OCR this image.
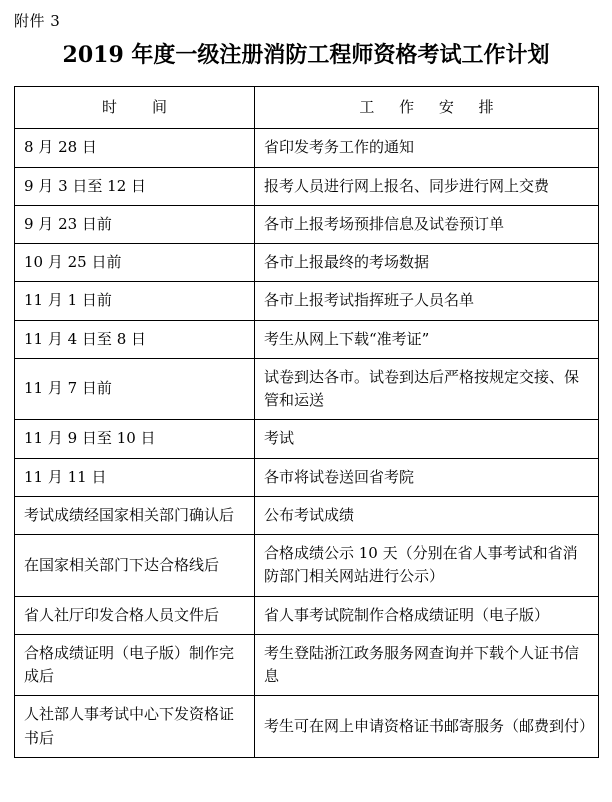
附件 3
2019 年度一级注册消防工程师资格考试工作计划
时　间	工 作 安 排
8 月 28 日	省印发考务工作的通知
9 月 3 日至 12 日	报考人员进行网上报名、同步进行网上交费
9 月 23 日前	各市上报考场预排信息及试卷预订单
10 月 25 日前	各市上报最终的考场数据
11 月 1 日前	各市上报考试指挥班子人员名单
11 月 4 日至 8 日	考生从网上下载“准考证”
11 月 7 日前	试卷到达各市。试卷到达后严格按规定交接、保管和运送
11 月 9 日至 10 日	考试
11 月 11 日	各市将试卷送回省考院
考试成绩经国家相关部门确认后	公布考试成绩
在国家相关部门下达合格线后	合格成绩公示 10 天（分别在省人事考试和省消防部门相关网站进行公示）
省人社厅印发合格人员文件后	省人事考试院制作合格成绩证明（电子版）
合格成绩证明（电子版）制作完成后	考生登陆浙江政务服务网查询并下载个人证书信息
人社部人事考试中心下发资格证书后	考生可在网上申请资格证书邮寄服务（邮费到付）
